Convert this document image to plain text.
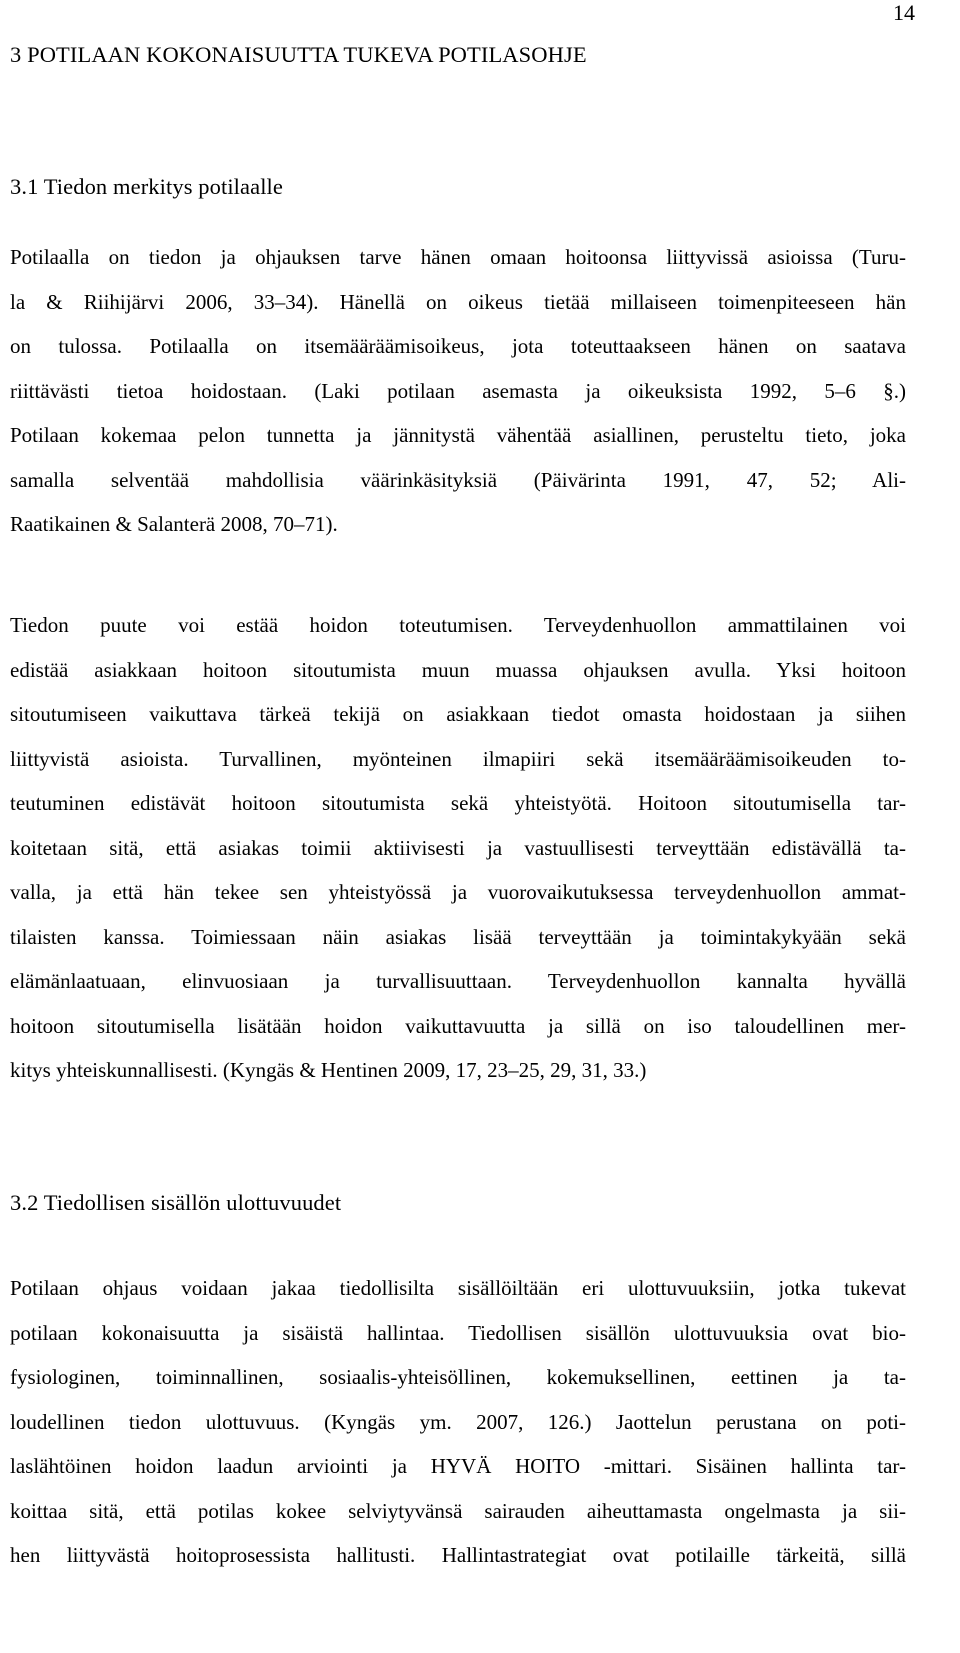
14
3 POTILAAN KOKONAISUUTTA TUKEVA POTILASOHJE
3.1 Tiedon merkitys potilaalle

Potilaalla on tiedon ja ohjauksen tarve hänen omaan hoitoonsa liittyvissä asioissa (Turu-
la & Riihijärvi 2006, 33–34). Hänellä on oikeus tietää millaiseen toimenpiteeseen hän
on tulossa. Potilaalla on itsemääräämisoikeus, jota toteuttaakseen hänen on saatava
riittävästi tietoa hoidostaan. (Laki potilaan asemasta ja oikeuksista 1992, 5–6 §.)
Potilaan kokemaa pelon tunnetta ja jännitystä vähentää asiallinen, perusteltu tieto, joka
samalla selventää mahdollisia väärinkäsityksiä (Päivärinta 1991, 47, 52; Ali-
Raatikainen & Salanterä 2008, 70–71).

Tiedon puute voi estää hoidon toteutumisen. Terveydenhuollon ammattilainen voi
edistää asiakkaan hoitoon sitoutumista muun muassa ohjauksen avulla. Yksi hoitoon
sitoutumiseen vaikuttava tärkeä tekijä on asiakkaan tiedot omasta hoidostaan ja siihen
liittyvistä asioista. Turvallinen, myönteinen ilmapiiri sekä itsemääräämisoikeuden to-
teutuminen edistävät hoitoon sitoutumista sekä yhteistyötä. Hoitoon sitoutumisella tar-
koitetaan sitä, että asiakas toimii aktiivisesti ja vastuullisesti terveyttään edistävällä ta-
valla, ja että hän tekee sen yhteistyössä ja vuorovaikutuksessa terveydenhuollon ammat-
tilaisten kanssa. Toimiessaan näin asiakas lisää terveyttään ja toimintakykyään sekä
elämänlaatuaan, elinvuosiaan ja turvallisuuttaan. Terveydenhuollon kannalta hyvällä
hoitoon sitoutumisella lisätään hoidon vaikuttavuutta ja sillä on iso taloudellinen mer-
kitys yhteiskunnallisesti. (Kyngäs & Hentinen 2009, 17, 23–25, 29, 31, 33.)

3.2 Tiedollisen sisällön ulottuvuudet

Potilaan ohjaus voidaan jakaa tiedollisilta sisällöiltään eri ulottuvuuksiin, jotka tukevat
potilaan kokonaisuutta ja sisäistä hallintaa. Tiedollisen sisällön ulottuvuuksia ovat bio-
fysiologinen, toiminnallinen, sosiaalis-yhteisöllinen, kokemuksellinen, eettinen ja ta-
loudellinen tiedon ulottuvuus. (Kyngäs ym. 2007, 126.) Jaottelun perustana on poti-
laslähtöinen hoidon laadun arviointi ja HYVÄ HOITO -mittari. Sisäinen hallinta tar-
koittaa sitä, että potilas kokee selviytyvänsä sairauden aiheuttamasta ongelmasta ja sii-
hen liittyvästä hoitoprosessista hallitusti. Hallintastrategiat ovat potilaille tärkeitä, sillä
